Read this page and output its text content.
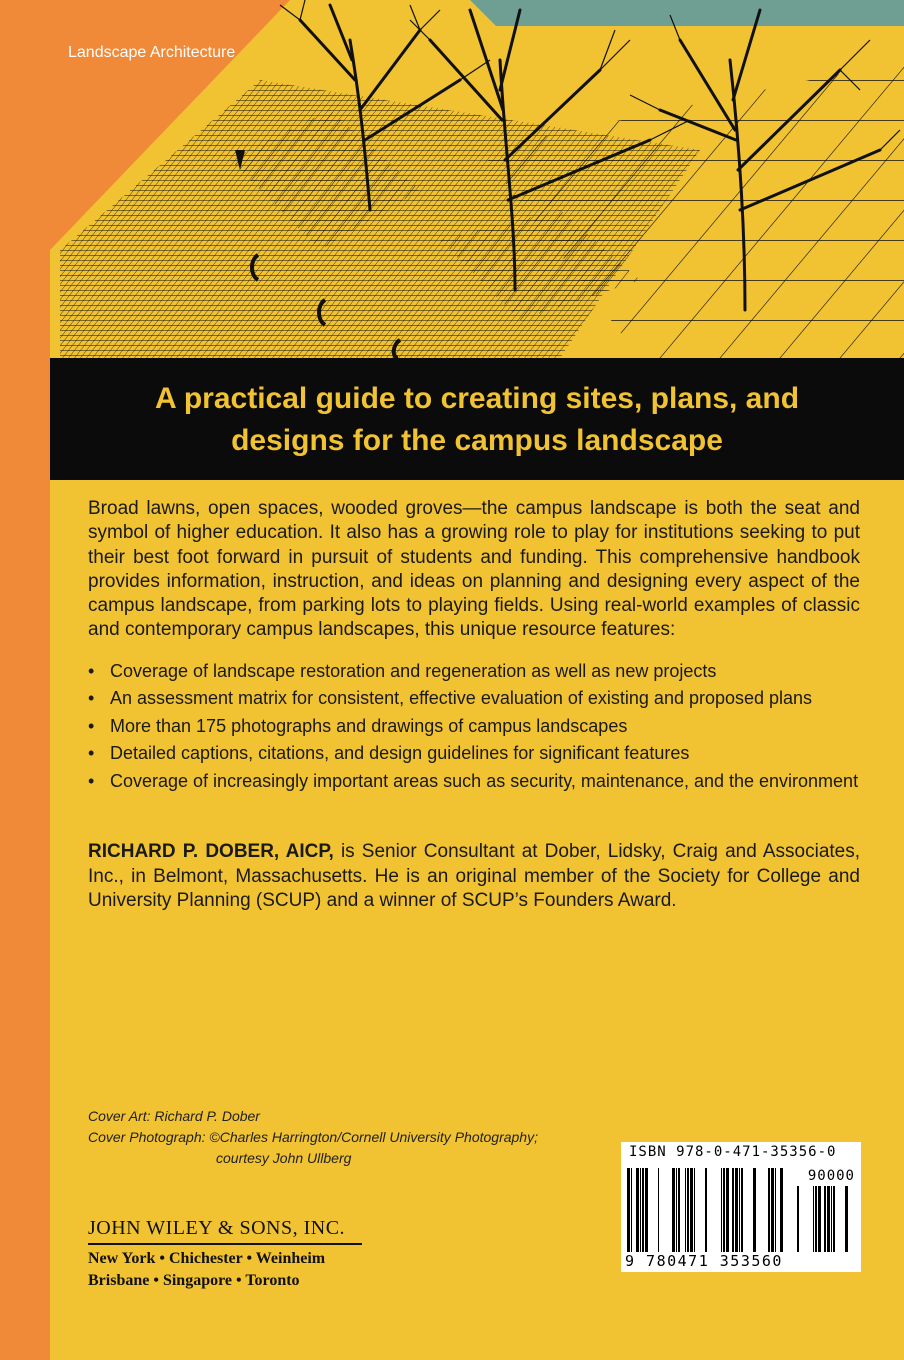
Landscape Architecture
A practical guide to creating sites, plans, and
designs for the campus landscape
Broad lawns, open spaces, wooded groves—the campus landscape is both the seat and symbol of higher education. It also has a growing role to play for institutions seeking to put their best foot forward in pursuit of students and funding. This comprehensive handbook provides information, instruction, and ideas on planning and designing every aspect of the campus landscape, from parking lots to playing fields. Using real-world examples of classic and contemporary campus landscapes, this unique resource features:
• Coverage of landscape restoration and regeneration as well as new projects
• An assessment matrix for consistent, effective evaluation of existing and proposed plans
• More than 175 photographs and drawings of campus landscapes
• Detailed captions, citations, and design guidelines for significant features
• Coverage of increasingly important areas such as security, maintenance, and the environment
RICHARD P. DOBER, AICP, is Senior Consultant at Dober, Lidsky, Craig and Associates, Inc., in Belmont, Massachusetts. He is an original member of the Society for College and University Planning (SCUP) and a winner of SCUP’s Founders Award.
Cover Art: Richard P. Dober
Cover Photograph: ©Charles Harrington/Cornell University Photography;
courtesy John Ullberg
JOHN WILEY & SONS, INC.
New York • Chichester • Weinheim
Brisbane • Singapore • Toronto
ISBN 978-0-471-35356-0
90000
9 780471 353560
